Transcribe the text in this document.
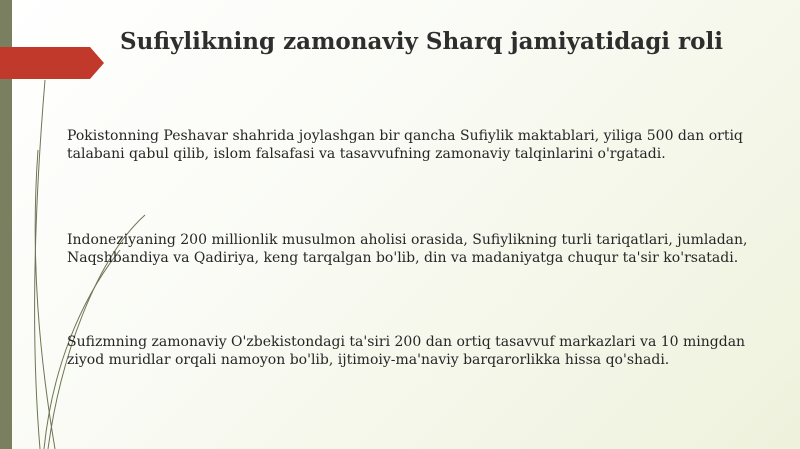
Sufiylikning zamonaviy Sharq jamiyatidagi roli
Pokistonning Peshavar shahrida joylashgan bir qancha Sufiylik maktablari, yiliga 500 dan ortiq talabani qabul qilib, islom falsafasi va tasavvufning zamonaviy talqinlarini o'rgatadi.
Indoneziyaning 200 millionlik musulmon aholisi orasida, Sufiylikning turli tariqatlari, jumladan, Naqshbandiya va Qadiriya, keng tarqalgan bo'lib, din va madaniyatga chuqur ta'sir ko'rsatadi.
Sufizmning zamonaviy O'zbekistondagi ta'siri 200 dan ortiq tasavvuf markazlari va 10 mingdan ziyod muridlar orqali namoyon bo'lib, ijtimoiy-ma'naviy barqarorlikka hissa qo'shadi.
